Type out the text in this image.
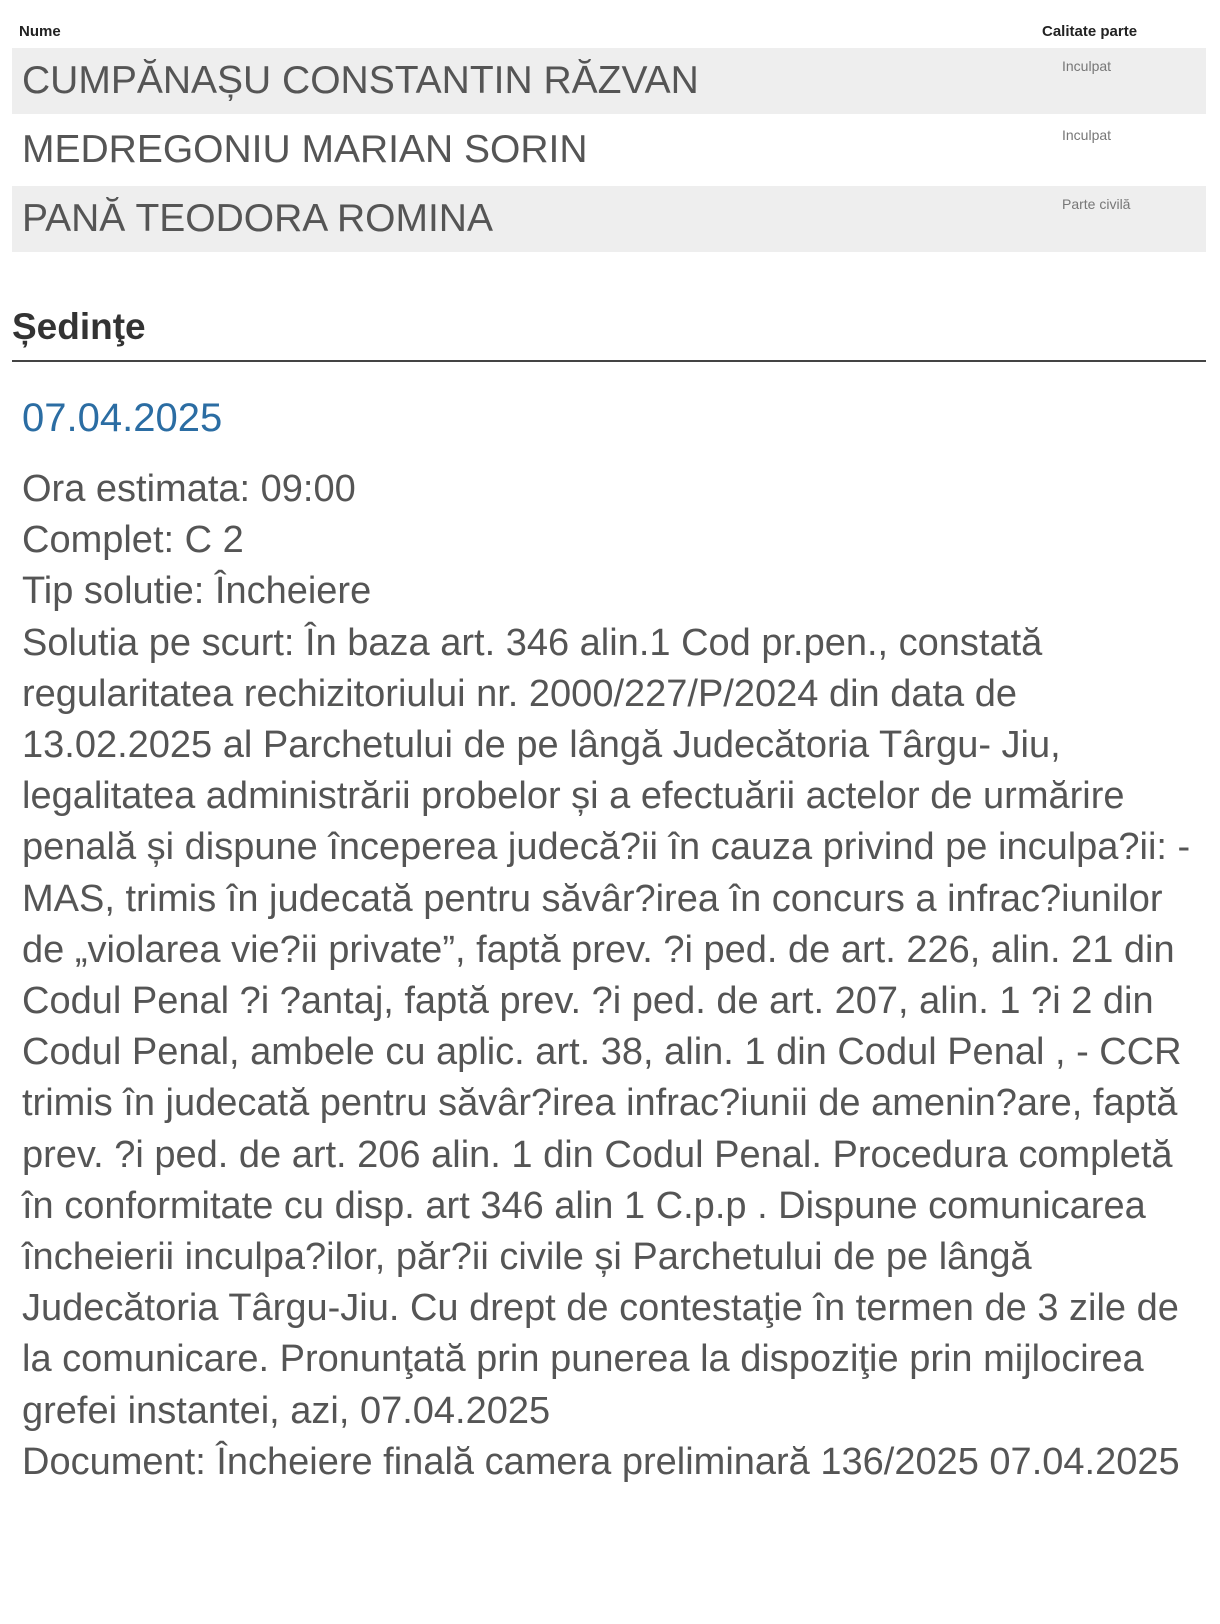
Nume	Calitate parte
CUMPĂNAȘU CONSTANTIN RĂZVAN	Inculpat
MEDREGONIU MARIAN SORIN	Inculpat
PANĂ TEODORA ROMINA	Parte civilă
Ședinţe
07.04.2025
Ora estimata: 09:00
Complet: C 2
Tip solutie: Încheiere
Solutia pe scurt: În baza art. 346 alin.1 Cod pr.pen., constată regularitatea rechizitoriului nr. 2000/227/P/2024 din data de 13.02.2025 al Parchetului de pe lângă Judecătoria Târgu- Jiu, legalitatea administrării probelor și a efectuării actelor de urmărire penală și dispune începerea judecă?ii în cauza privind pe inculpa?ii: - MAS, trimis în judecată pentru săvâr?irea în concurs a infrac?iunilor de „violarea vie?ii private”, faptă prev. ?i ped. de art. 226, alin. 21 din Codul Penal ?i ?antaj, faptă prev. ?i ped. de art. 207, alin. 1 ?i 2 din Codul Penal, ambele cu aplic. art. 38, alin. 1 din Codul Penal , - CCR trimis în judecată pentru săvâr?irea infrac?iunii de amenin?are, faptă prev. ?i ped. de art. 206 alin. 1 din Codul Penal. Procedura completă în conformitate cu disp. art 346 alin 1 C.p.p . Dispune comunicarea încheierii inculpa?ilor, păr?ii civile și Parchetului de pe lângă Judecătoria Târgu-Jiu. Cu drept de contestaţie în termen de 3 zile de la comunicare. Pronunţată prin punerea la dispoziţie prin mijlocirea grefei instantei, azi, 07.04.2025
Document: Încheiere finală camera preliminară 136/2025 07.04.2025
